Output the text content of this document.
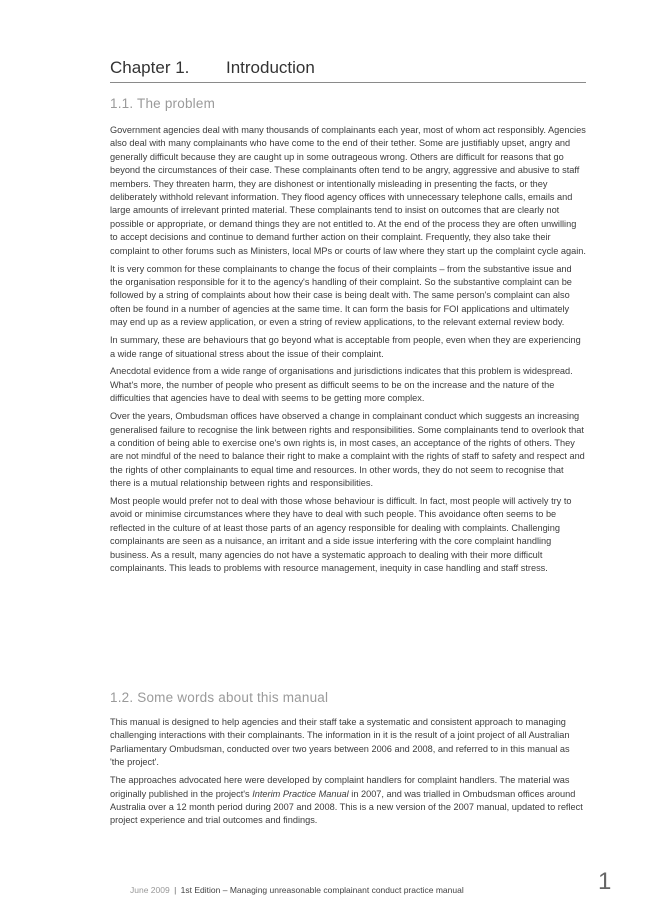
Chapter 1. Introduction
1.1. The problem

Government agencies deal with many thousands of complainants each year, most of whom act responsibly. Agencies also deal with many complainants who have come to the end of their tether. Some are justifiably upset, angry and generally difficult because they are caught up in some outrageous wrong. Others are difficult for reasons that go beyond the circumstances of their case. These complainants often tend to be angry, aggressive and abusive to staff members. They threaten harm, they are dishonest or intentionally misleading in presenting the facts, or they deliberately withhold relevant information. They flood agency offices with unnecessary telephone calls, emails and large amounts of irrelevant printed material. These complainants tend to insist on outcomes that are clearly not possible or appropriate, or demand things they are not entitled to. At the end of the process they are often unwilling to accept decisions and continue to demand further action on their complaint. Frequently, they also take their complaint to other forums such as Ministers, local MPs or courts of law where they start up the complaint cycle again.

It is very common for these complainants to change the focus of their complaints – from the substantive issue and the organisation responsible for it to the agency's handling of their complaint. So the substantive complaint can be followed by a string of complaints about how their case is being dealt with. The same person's complaint can also often be found in a number of agencies at the same time. It can form the basis for FOI applications and ultimately may end up as a review application, or even a string of review applications, to the relevant external review body.

In summary, these are behaviours that go beyond what is acceptable from people, even when they are experiencing a wide range of situational stress about the issue of their complaint.

Anecdotal evidence from a wide range of organisations and jurisdictions indicates that this problem is widespread. What's more, the number of people who present as difficult seems to be on the increase and the nature of the difficulties that agencies have to deal with seems to be getting more complex.

Over the years, Ombudsman offices have observed a change in complainant conduct which suggests an increasing generalised failure to recognise the link between rights and responsibilities. Some complainants tend to overlook that a condition of being able to exercise one's own rights is, in most cases, an acceptance of the rights of others. They are not mindful of the need to balance their right to make a complaint with the rights of staff to safety and respect and the rights of other complainants to equal time and resources. In other words, they do not seem to recognise that there is a mutual relationship between rights and responsibilities.

Most people would prefer not to deal with those whose behaviour is difficult. In fact, most people will actively try to avoid or minimise circumstances where they have to deal with such people. This avoidance often seems to be reflected in the culture of at least those parts of an agency responsible for dealing with complaints. Challenging complainants are seen as a nuisance, an irritant and a side issue interfering with the core complaint handling business. As a result, many agencies do not have a systematic approach to dealing with their more difficult complainants. This leads to problems with resource management, inequity in case handling and staff stress.

1.2. Some words about this manual

This manual is designed to help agencies and their staff take a systematic and consistent approach to managing challenging interactions with their complainants. The information in it is the result of a joint project of all Australian Parliamentary Ombudsman, conducted over two years between 2006 and 2008, and referred to in this manual as 'the project'.

The approaches advocated here were developed by complaint handlers for complaint handlers. The material was originally published in the project's Interim Practice Manual in 2007, and was trialled in Ombudsman offices around Australia over a 12 month period during 2007 and 2008. This is a new version of the 2007 manual, updated to reflect project experience and trial outcomes and findings.

June 2009 | 1st Edition – Managing unreasonable complainant conduct practice manual	1
